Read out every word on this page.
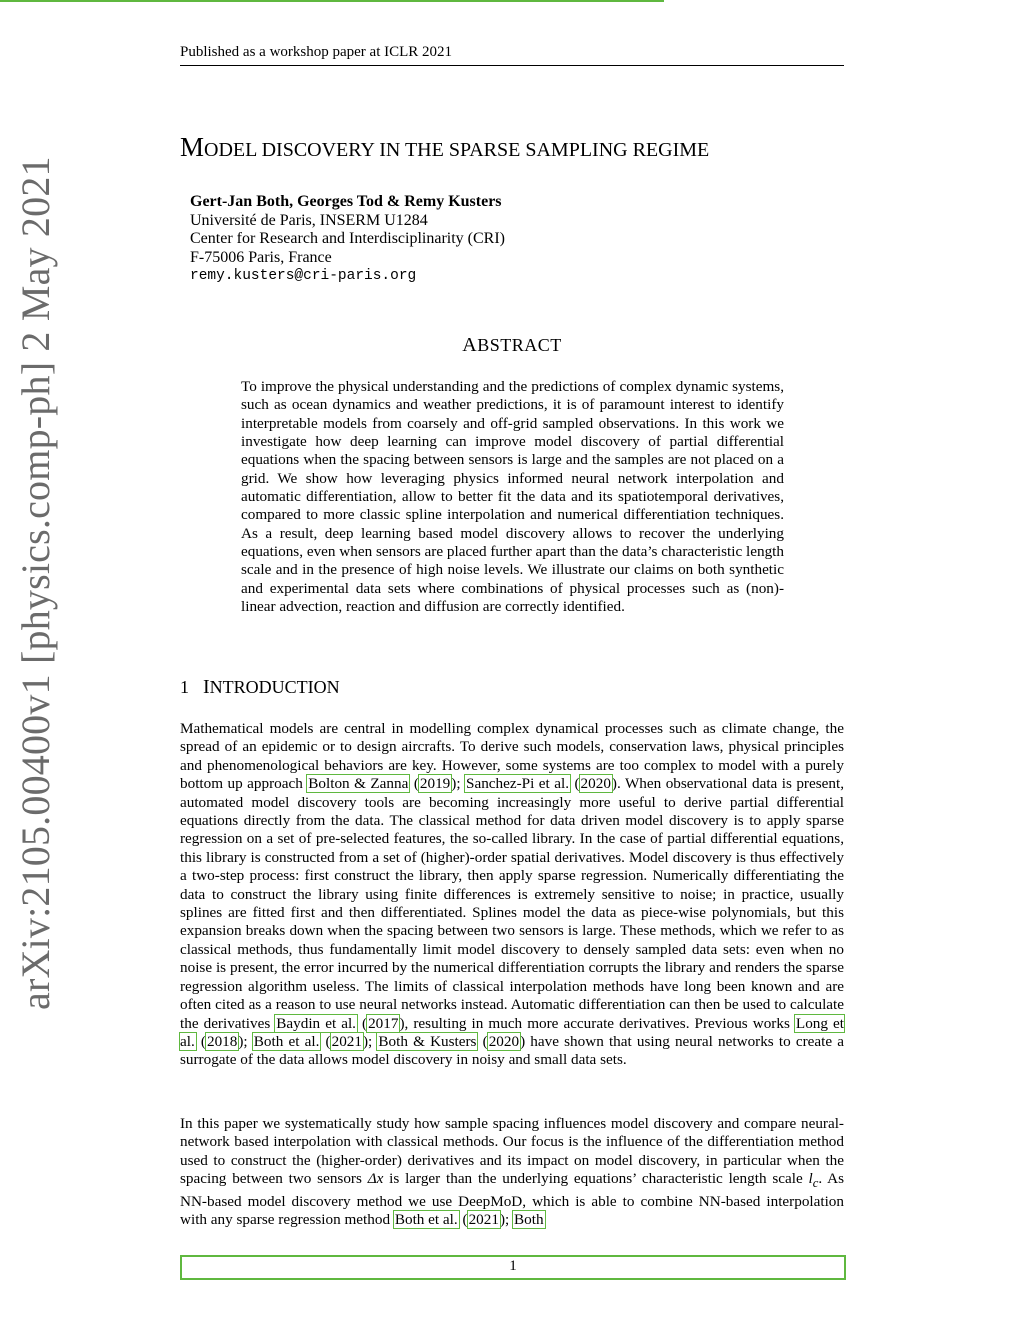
Published as a workshop paper at ICLR 2021
arXiv:2105.00400v1 [physics.comp-ph] 2 May 2021
MODEL DISCOVERY IN THE SPARSE SAMPLING REGIME
Gert-Jan Both, Georges Tod & Remy Kusters
Université de Paris, INSERM U1284
Center for Research and Interdisciplinarity (CRI)
F-75006 Paris, France
remy.kusters@cri-paris.org
ABSTRACT
To improve the physical understanding and the predictions of complex dynamic systems, such as ocean dynamics and weather predictions, it is of paramount interest to identify interpretable models from coarsely and off-grid sampled observations. In this work we investigate how deep learning can improve model discovery of partial differential equations when the spacing between sensors is large and the samples are not placed on a grid. We show how leveraging physics informed neural network interpolation and automatic differentiation, allow to better fit the data and its spatiotemporal derivatives, compared to more classic spline interpolation and numerical differentiation techniques. As a result, deep learning based model discovery allows to recover the underlying equations, even when sensors are placed further apart than the data’s characteristic length scale and in the presence of high noise levels. We illustrate our claims on both synthetic and experimental data sets where combinations of physical processes such as (non)-linear advection, reaction and diffusion are correctly identified.
1 INTRODUCTION
Mathematical models are central in modelling complex dynamical processes such as climate change, the spread of an epidemic or to design aircrafts. To derive such models, conservation laws, physical principles and phenomenological behaviors are key. However, some systems are too complex to model with a purely bottom up approach Bolton & Zanna (2019); Sanchez-Pi et al. (2020). When observational data is present, automated model discovery tools are becoming increasingly more useful to derive partial differential equations directly from the data. The classical method for data driven model discovery is to apply sparse regression on a set of pre-selected features, the so-called library. In the case of partial differential equations, this library is constructed from a set of (higher)-order spatial derivatives. Model discovery is thus effectively a two-step process: first construct the library, then apply sparse regression. Numerically differentiating the data to construct the library using finite differences is extremely sensitive to noise; in practice, usually splines are fitted first and then differentiated. Splines model the data as piece-wise polynomials, but this expansion breaks down when the spacing between two sensors is large. These methods, which we refer to as classical methods, thus fundamentally limit model discovery to densely sampled data sets: even when no noise is present, the error incurred by the numerical differentiation corrupts the library and renders the sparse regression algorithm useless. The limits of classical interpolation methods have long been known and are often cited as a reason to use neural networks instead. Automatic differentiation can then be used to calculate the derivatives Baydin et al. (2017), resulting in much more accurate derivatives. Previous works Long et al. (2018); Both et al. (2021); Both & Kusters (2020) have shown that using neural networks to create a surrogate of the data allows model discovery in noisy and small data sets.
In this paper we systematically study how sample spacing influences model discovery and compare neural-network based interpolation with classical methods. Our focus is the influence of the differentiation method used to construct the (higher-order) derivatives and its impact on model discovery, in particular when the spacing between two sensors Δx is larger than the underlying equations’ characteristic length scale $l_c$. As NN-based model discovery method we use DeepMoD, which is able to combine NN-based interpolation with any sparse regression method Both et al. (2021); Both
1
